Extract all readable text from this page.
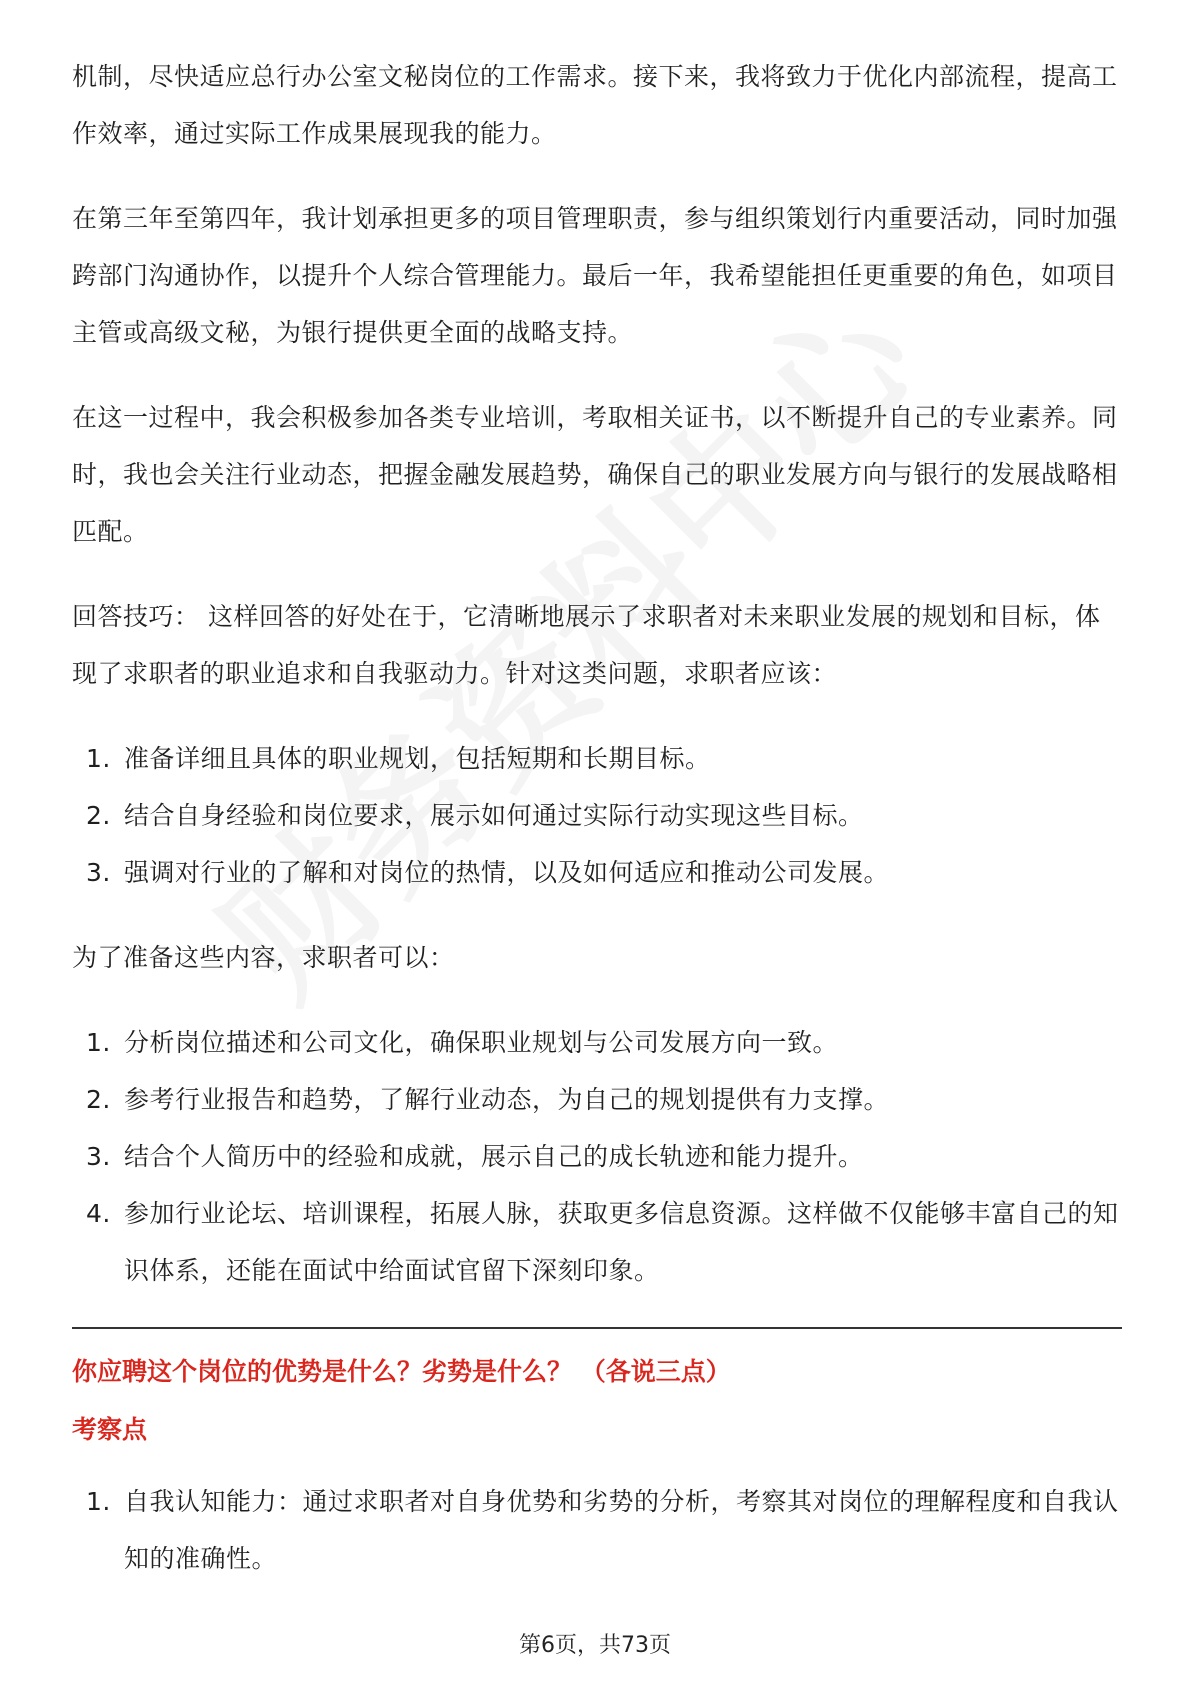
机制，尽快适应总行办公室文秘岗位的工作需求。接下来，我将致力于优化内部流程，提高工作效率，通过实际工作成果展现我的能力。

在第三年至第四年，我计划承担更多的项目管理职责，参与组织策划行内重要活动，同时加强跨部门沟通协作，以提升个人综合管理能力。最后一年，我希望能担任更重要的角色，如项目主管或高级文秘，为银行提供更全面的战略支持。

在这一过程中，我会积极参加各类专业培训，考取相关证书，以不断提升自己的专业素养。同时，我也会关注行业动态，把握金融发展趋势，确保自己的职业发展方向与银行的发展战略相匹配。

回答技巧： 这样回答的好处在于，它清晰地展示了求职者对未来职业发展的规划和目标，体现了求职者的职业追求和自我驱动力。针对这类问题，求职者应该：

1. 准备详细且具体的职业规划，包括短期和长期目标。
2. 结合自身经验和岗位要求，展示如何通过实际行动实现这些目标。
3. 强调对行业的了解和对岗位的热情，以及如何适应和推动公司发展。

为了准备这些内容，求职者可以：

1. 分析岗位描述和公司文化，确保职业规划与公司发展方向一致。
2. 参考行业报告和趋势，了解行业动态，为自己的规划提供有力支撑。
3. 结合个人简历中的经验和成就，展示自己的成长轨迹和能力提升。
4. 参加行业论坛、培训课程，拓展人脉，获取更多信息资源。这样做不仅能够丰富自己的知识体系，还能在面试中给面试官留下深刻印象。

你应聘这个岗位的优势是什么？劣势是什么？ （各说三点）

考察点

1. 自我认知能力：通过求职者对自身优势和劣势的分析，考察其对岗位的理解程度和自我认知的准确性。
第6页，共73页
